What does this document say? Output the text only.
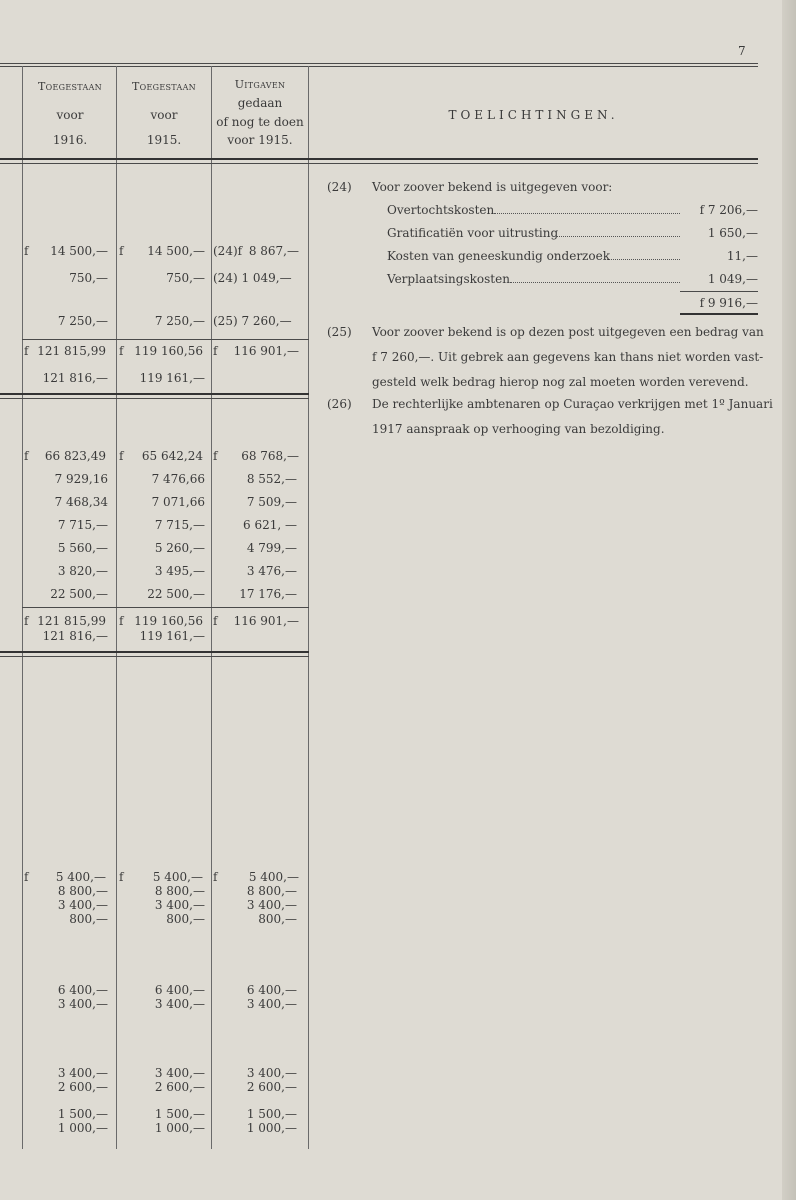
7
Toegestaan
voor
1916.
Toegestaan
voor
1915.
Uitgaven
gedaan
of nog te doen
voor 1915.
TOELICHTINGEN.
f	14 500,— f	14 500,— (24)f 8 867,—
750,—	750,— (24) 1 049,—
7 250,—	7 250,— (25) 7 260,—
f 121 815,99 f 119 160,56 f 116 901,—
121 816,—	119 161,—
f 66 823,49 f 65 642,24 f 68 768,—
7 929,16	7 476,66	8 552,—
7 468,34	7 071,66	7 509,—
7 715,—	7 715,—	6 621, —
5 560,—	5 260,—	4 799,—
3 820,—	3 495,—	3 476,—
22 500,—	22 500,—	17 176,—
f 121 815,99 f 119 160,56 f 116 901,—
121 816,—	119 161,—
f 5 400,— f 5 400,— f	5 400,—
8 800,—	8 800,—	8 800,—
3 400,—	3 400,—	3 400,—
800,—	800,—	800,—
6 400,—	6 400,—	6 400,—
3 400,—	3 400,—	3 400,—
3 400,—	3 400,—	3 400,—
2 600,—	2 600,—	2 600,—
1 500,—	1 500,—	1 500,—
1 000,—	1 000,—	1 000,—
(24) Voor zoover bekend is uitgegeven voor:
Overtochtskosten	f 7 206,—
Gratificatiën voor uitrusting	1 650,—
Kosten van geneeskundig onderzoek	11,—
Verplaatsingskosten	1 049,—
f 9 916,—
(25) Voor zoover bekend is op dezen post uitgegeven een bedrag van
f 7 260,—. Uit gebrek aan gegevens kan thans niet worden vast-
gesteld welk bedrag hierop nog zal moeten worden verevend.
(26) De rechterlijke ambtenaren op Curaçao verkrijgen met 1º Januari
1917 aanspraak op verhooging van bezoldiging.
